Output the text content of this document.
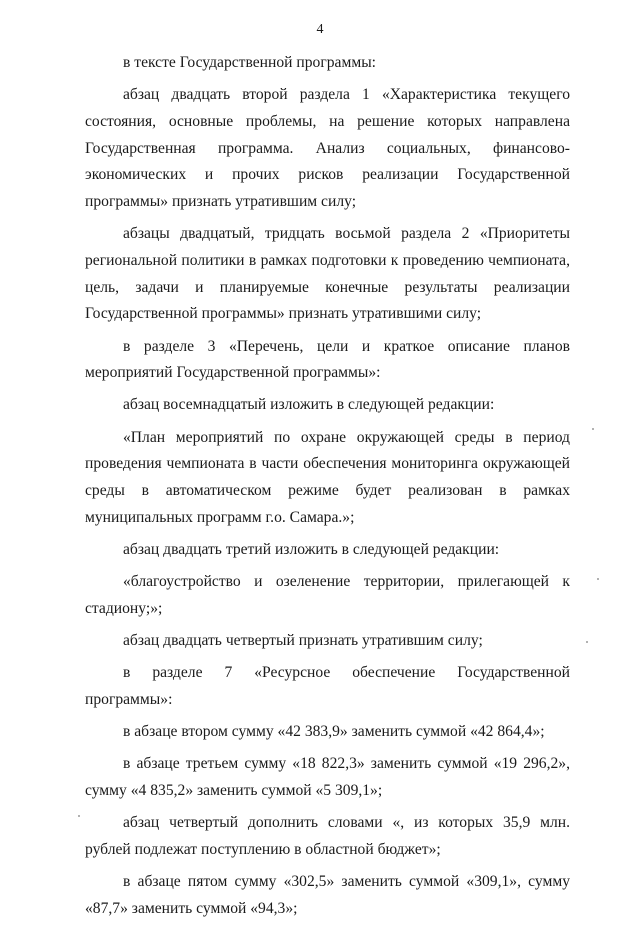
4

в тексте Государственной программы:

абзац двадцать второй раздела 1 «Характеристика текущего состояния, основные проблемы, на решение которых направлена Государственная программа. Анализ социальных, финансово-экономических и прочих рисков реализации Государственной программы» признать утратившим силу;

абзацы двадцатый, тридцать восьмой раздела 2 «Приоритеты региональной политики в рамках подготовки к проведению чемпионата, цель, задачи и планируемые конечные результаты реализации Государственной программы» признать утратившими силу;

в разделе 3 «Перечень, цели и краткое описание планов мероприятий Государственной программы»:

абзац восемнадцатый изложить в следующей редакции:

«План мероприятий по охране окружающей среды в период проведения чемпионата в части обеспечения мониторинга окружающей среды в автоматическом режиме будет реализован в рамках муниципальных программ г.о. Самара.»;

абзац двадцать третий изложить в следующей редакции:

«благоустройство и озеленение территории, прилегающей к стадиону;»;

абзац двадцать четвертый признать утратившим силу;

в разделе 7 «Ресурсное обеспечение Государственной программы»:

в абзаце втором сумму «42 383,9» заменить суммой «42 864,4»;

в абзаце третьем сумму «18 822,3» заменить суммой «19 296,2», сумму «4 835,2» заменить суммой «5 309,1»;

абзац четвертый дополнить словами «, из которых 35,9 млн. рублей подлежат поступлению в областной бюджет»;

в абзаце пятом сумму «302,5» заменить суммой «309,1», сумму «87,7» заменить суммой «94,3»;
